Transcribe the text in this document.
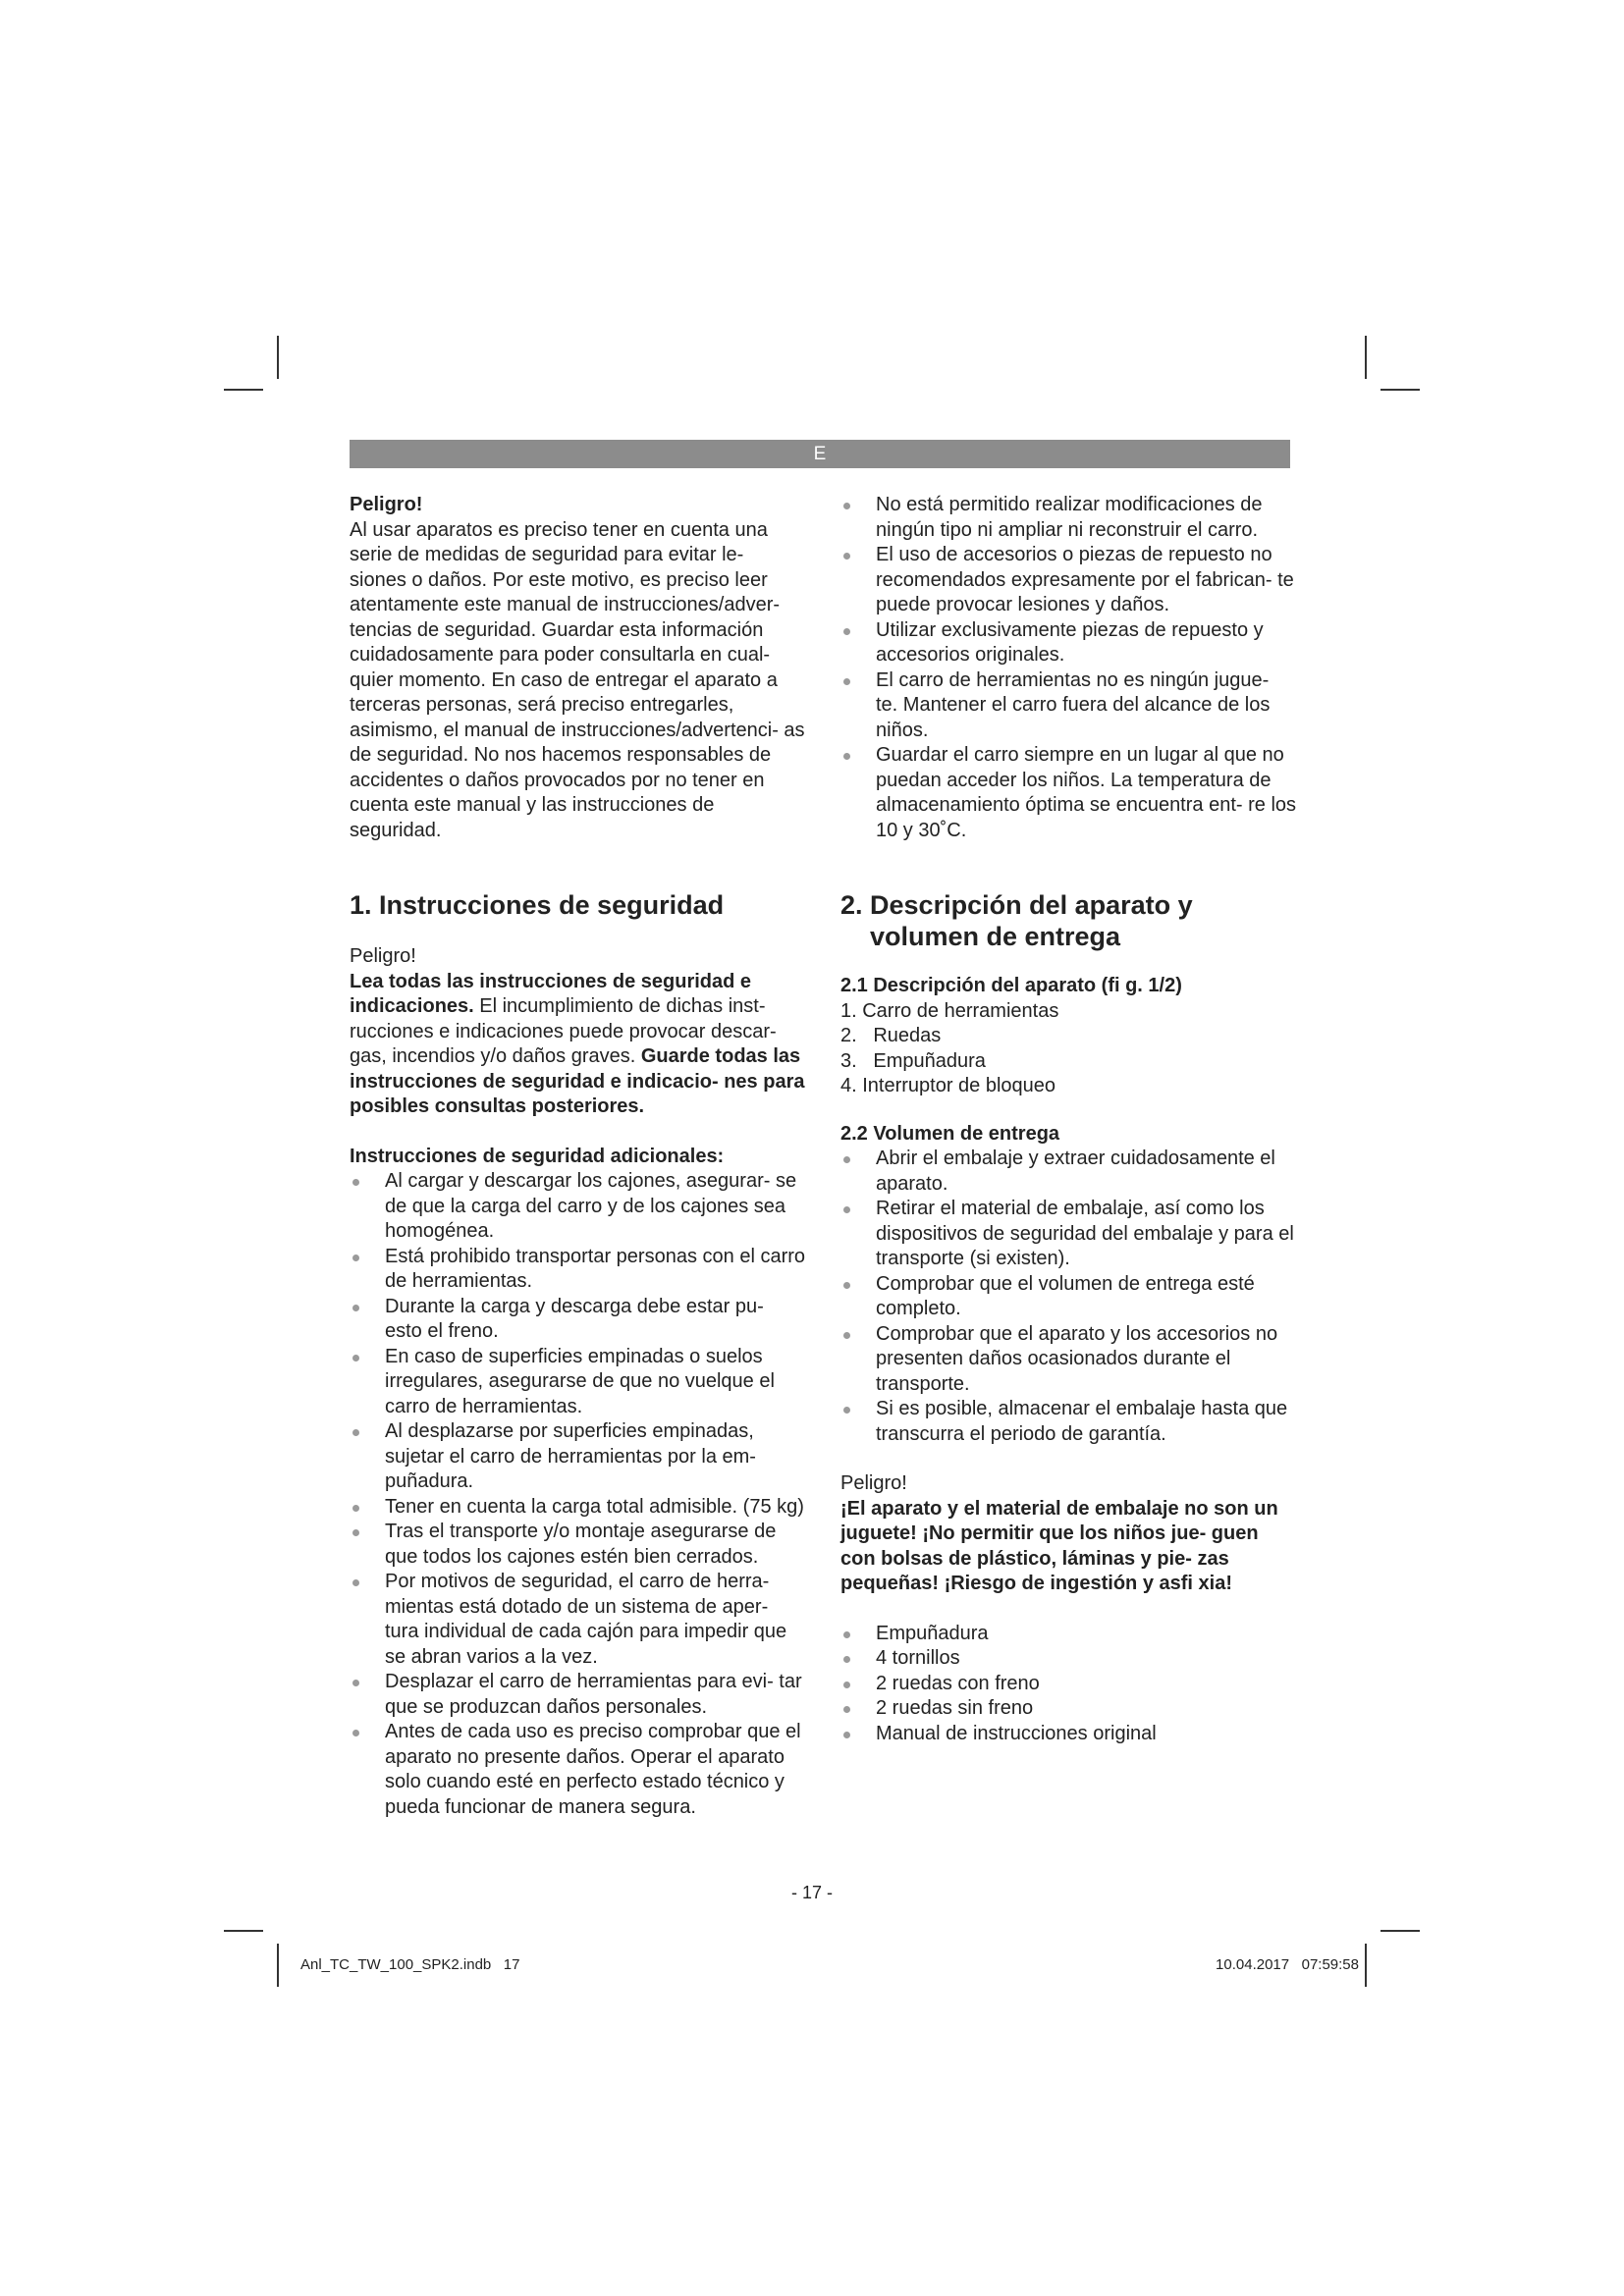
E

Peligro!

Al usar aparatos es preciso tener en cuenta una serie de medidas de seguridad para evitar le- siones o daños. Por este motivo, es preciso leer atentamente este manual de instrucciones/adver- tencias de seguridad. Guardar esta información cuidadosamente para poder consultarla en cual- quier momento. En caso de entregar el aparato a terceras personas, será preciso entregarles, asimismo, el manual de instrucciones/advertenci- as de seguridad. No nos hacemos responsables de accidentes o daños provocados por no tener en cuenta este manual y las instrucciones de seguridad.

1. Instrucciones de seguridad

Peligro!

Lea todas las instrucciones de seguridad e indicaciones. El incumplimiento de dichas inst- rucciones e indicaciones puede provocar descar- gas, incendios y/o daños graves. Guarde todas las instrucciones de seguridad e indicacio- nes para posibles consultas posteriores.

Instrucciones de seguridad adicionales:

Al cargar y descargar los cajones, asegurar- se de que la carga del carro y de los cajones sea homogénea.
Está prohibido transportar personas con el carro de herramientas.
Durante la carga y descarga debe estar pu- esto el freno.
En caso de superficies empinadas o suelos irregulares, asegurarse de que no vuelque el carro de herramientas.
Al desplazarse por superficies empinadas, sujetar el carro de herramientas por la em- puñadura.
Tener en cuenta la carga total admisible. (75 kg)
Tras el transporte y/o montaje asegurarse de que todos los cajones estén bien cerrados.
Por motivos de seguridad, el carro de herra- mientas está dotado de un sistema de aper- tura individual de cada cajón para impedir que se abran varios a la vez.
Desplazar el carro de herramientas para evi- tar que se produzcan daños personales.
Antes de cada uso es preciso comprobar que el aparato no presente daños. Operar el aparato solo cuando esté en perfecto estado técnico y pueda funcionar de manera segura.
No está permitido realizar modificaciones de ningún tipo ni ampliar ni reconstruir el carro.
El uso de accesorios o piezas de repuesto no recomendados expresamente por el fabrican- te puede provocar lesiones y daños.
Utilizar exclusivamente piezas de repuesto y accesorios originales.
El carro de herramientas no es ningún jugue- te. Mantener el carro fuera del alcance de los niños.
Guardar el carro siempre en un lugar al que no puedan acceder los niños. La temperatura de almacenamiento óptima se encuentra ent- re los 10 y 30˚C.

2. Descripción del aparato y
volumen de entrega

2.1 Descripción del aparato (fi g. 1/2)

1. Carro de herramientas
2.   Ruedas
3.   Empuñadura
4. Interruptor de bloqueo

2.2 Volumen de entrega

Abrir el embalaje y extraer cuidadosamente el aparato.
Retirar el material de embalaje, así como los dispositivos de seguridad del embalaje y para el transporte (si existen).
Comprobar que el volumen de entrega esté completo.
Comprobar que el aparato y los accesorios no presenten daños ocasionados durante el transporte.
Si es posible, almacenar el embalaje hasta que transcurra el periodo de garantía.

Peligro!

¡El aparato y el material de embalaje no son un juguete! ¡No permitir que los niños jue- guen con bolsas de plástico, láminas y pie- zas pequeñas! ¡Riesgo de ingestión y asfi xia!

Empuñadura
4 tornillos
2 ruedas con freno
2 ruedas sin freno
Manual de instrucciones original
- 17 -
Anl_TC_TW_100_SPK2.indb   17	10.04.2017   07:59:58
